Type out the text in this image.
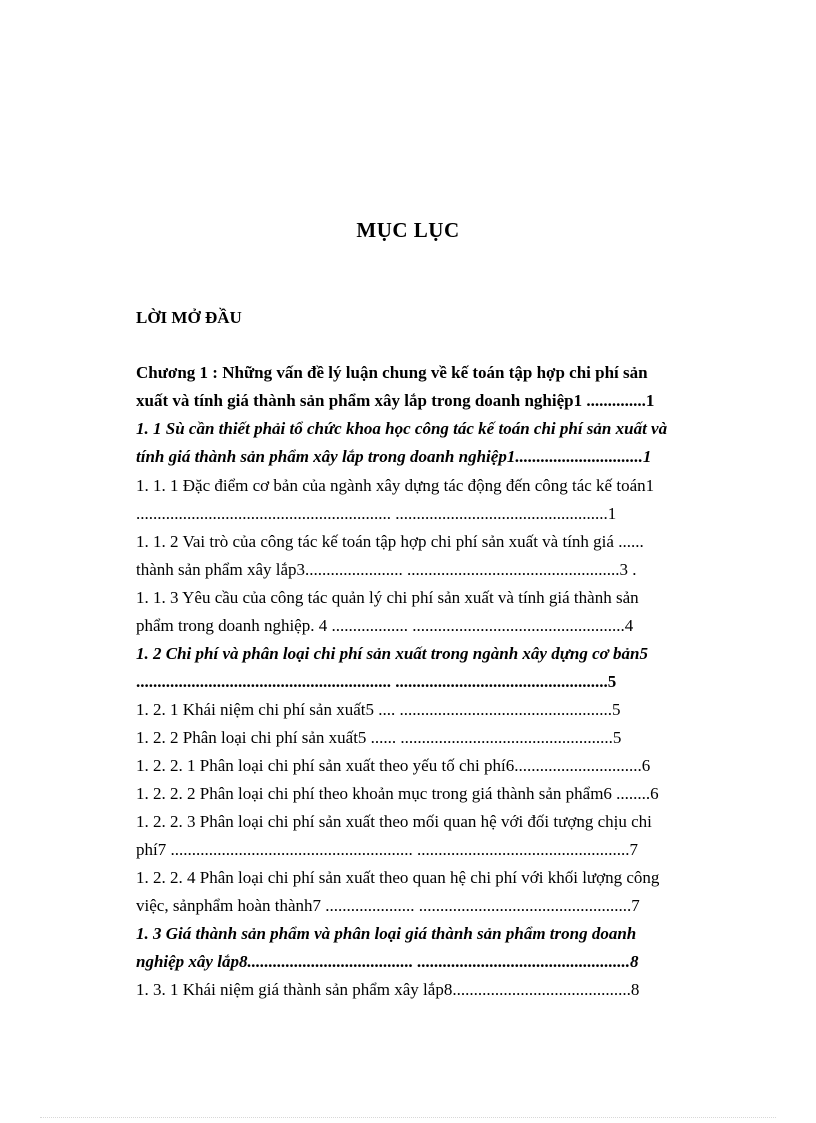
MỤC LỤC
LỜI MỞ ĐẦU
Chương 1 : Những vấn đề lý luận chung về kế toán tập hợp chi phí sản
xuất và tính giá thành sản phẩm xây lắp trong doanh nghiệp1 ..............1
1. 1 Sù cần thiết phải tổ chức khoa học công tác kế toán chi phí sản xuất và
tính giá thành sản phẩm xây lắp trong doanh nghiệp1..............................1
1. 1. 1 Đặc điểm cơ bản của ngành xây dựng tác động đến công tác kế toán1
............................................................ ..................................................1
1. 1. 2 Vai trò của công tác kế toán tập hợp chi phí sản xuất và tính giá ......
thành sản phẩm xây lắp3....................... ..................................................3 .
1. 1. 3 Yêu cầu của công tác quản lý chi phí sản xuất và tính giá thành sản
phẩm trong doanh nghiệp. 4 .................. ..................................................4
1. 2 Chi phí và phân loại chi phí sản xuất trong ngành xây dựng cơ bản5
............................................................ ..................................................5
1. 2. 1 Khái niệm chi phí sản xuất5 .... ..................................................5
1. 2. 2 Phân loại chi phí sản xuất5 ...... ..................................................5
1. 2. 2. 1 Phân loại chi phí sản xuất theo yếu tố chi phí6..............................6
1. 2. 2. 2 Phân loại chi phí theo khoản mục trong giá thành sản phẩm6 ........6
1. 2. 2. 3 Phân loại chi phí sản xuất theo mối quan hệ với đối tượng chịu chi
phí7 ......................................................... ..................................................7
1. 2. 2. 4 Phân loại chi phí sản xuất theo quan hệ chi phí với khối lượng công
việc, sảnphẩm hoàn thành7 ..................... ..................................................7
1. 3 Giá thành sản phẩm và phân loại giá thành sản phẩm trong doanh
nghiệp xây lắp8....................................... ..................................................8
1. 3. 1 Khái niệm giá thành sản phẩm xây lắp8..........................................8
